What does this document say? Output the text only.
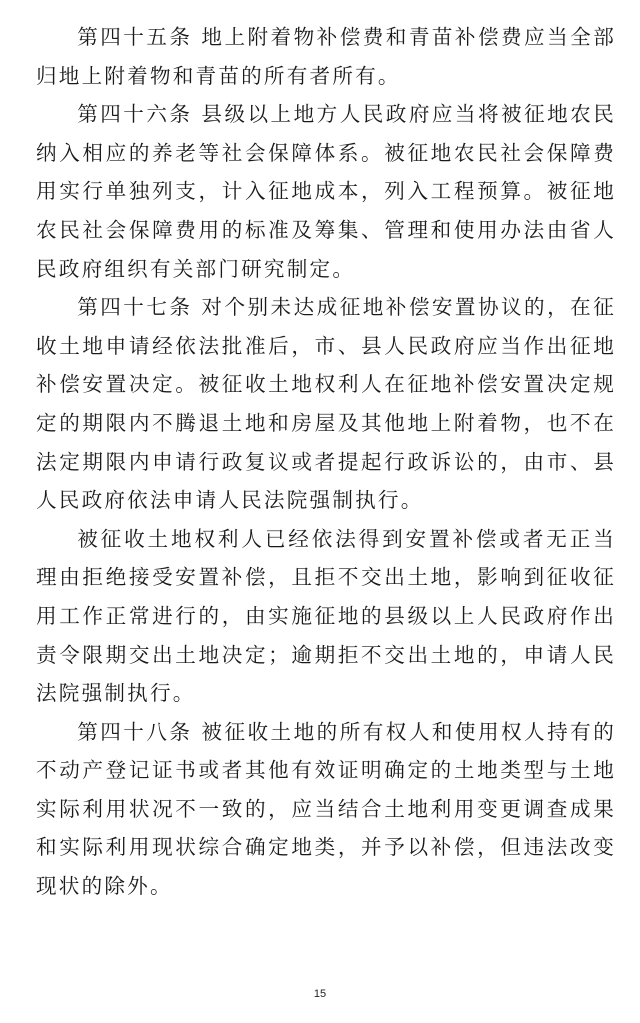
第四十五条 地上附着物补偿费和青苗补偿费应当全部归地上附着物和青苗的所有者所有。

第四十六条 县级以上地方人民政府应当将被征地农民纳入相应的养老等社会保障体系。被征地农民社会保障费用实行单独列支，计入征地成本，列入工程预算。被征地农民社会保障费用的标准及筹集、管理和使用办法由省人民政府组织有关部门研究制定。

第四十七条 对个别未达成征地补偿安置协议的，在征收土地申请经依法批准后，市、县人民政府应当作出征地补偿安置决定。被征收土地权利人在征地补偿安置决定规定的期限内不腾退土地和房屋及其他地上附着物，也不在法定期限内申请行政复议或者提起行政诉讼的，由市、县人民政府依法申请人民法院强制执行。

被征收土地权利人已经依法得到安置补偿或者无正当理由拒绝接受安置补偿，且拒不交出土地，影响到征收征用工作正常进行的，由实施征地的县级以上人民政府作出责令限期交出土地决定；逾期拒不交出土地的，申请人民法院强制执行。

第四十八条 被征收土地的所有权人和使用权人持有的不动产登记证书或者其他有效证明确定的土地类型与土地实际利用状况不一致的，应当结合土地利用变更调查成果和实际利用现状综合确定地类，并予以补偿，但违法改变现状的除外。

15
